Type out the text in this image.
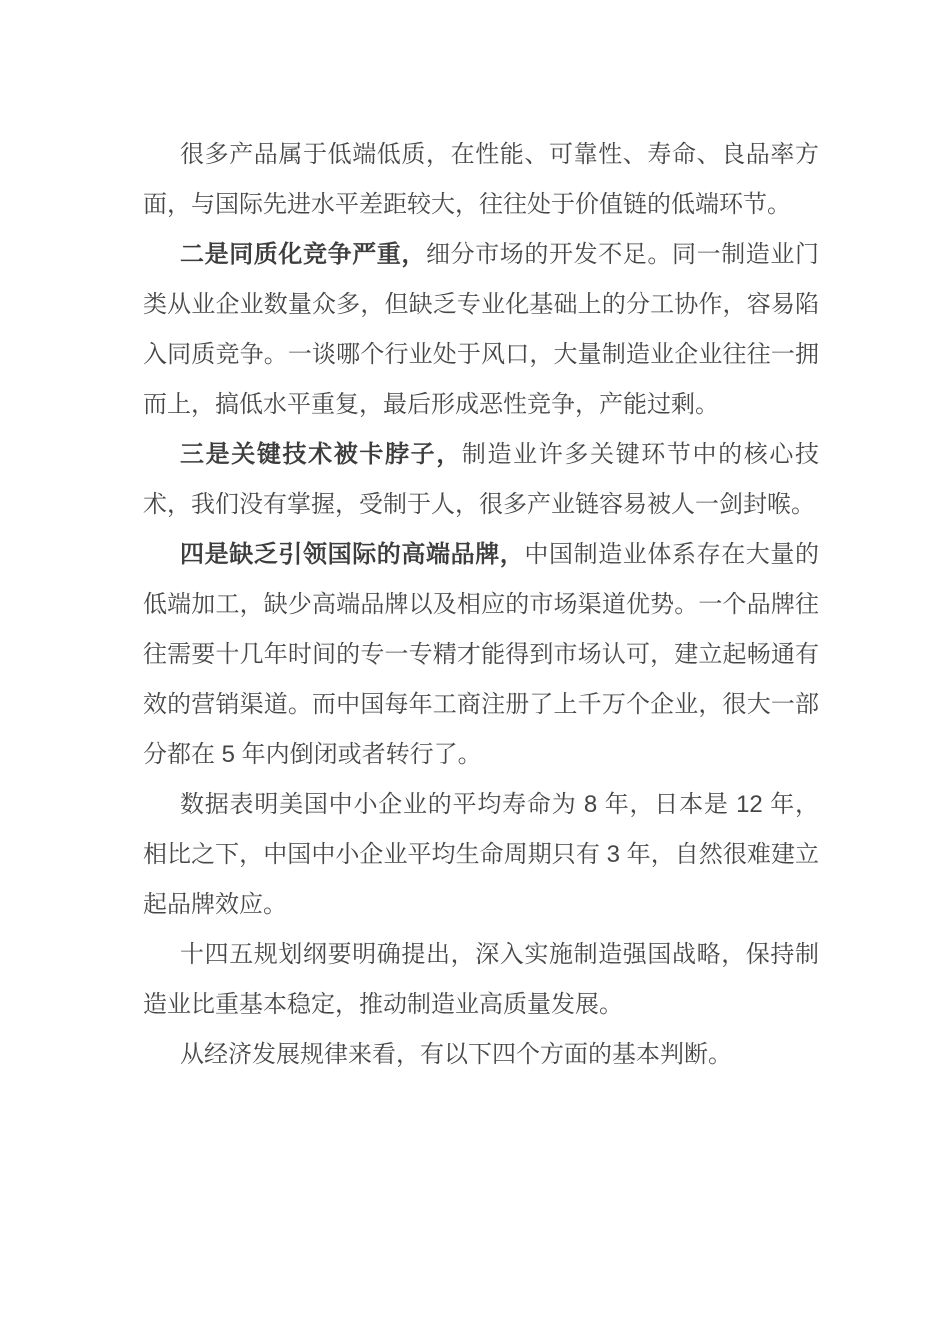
很多产品属于低端低质，在性能、可靠性、寿命、良品率方面，与国际先进水平差距较大，往往处于价值链的低端环节。

二是同质化竞争严重，细分市场的开发不足。同一制造业门类从业企业数量众多，但缺乏专业化基础上的分工协作，容易陷入同质竞争。一谈哪个行业处于风口，大量制造业企业往往一拥而上，搞低水平重复，最后形成恶性竞争，产能过剩。

三是关键技术被卡脖子，制造业许多关键环节中的核心技术，我们没有掌握，受制于人，很多产业链容易被人一剑封喉。

四是缺乏引领国际的高端品牌，中国制造业体系存在大量的低端加工，缺少高端品牌以及相应的市场渠道优势。一个品牌往往需要十几年时间的专一专精才能得到市场认可，建立起畅通有效的营销渠道。而中国每年工商注册了上千万个企业，很大一部分都在 5 年内倒闭或者转行了。

数据表明美国中小企业的平均寿命为 8 年，日本是 12 年，相比之下，中国中小企业平均生命周期只有 3 年，自然很难建立起品牌效应。

十四五规划纲要明确提出，深入实施制造强国战略，保持制造业比重基本稳定，推动制造业高质量发展。

从经济发展规律来看，有以下四个方面的基本判断。
